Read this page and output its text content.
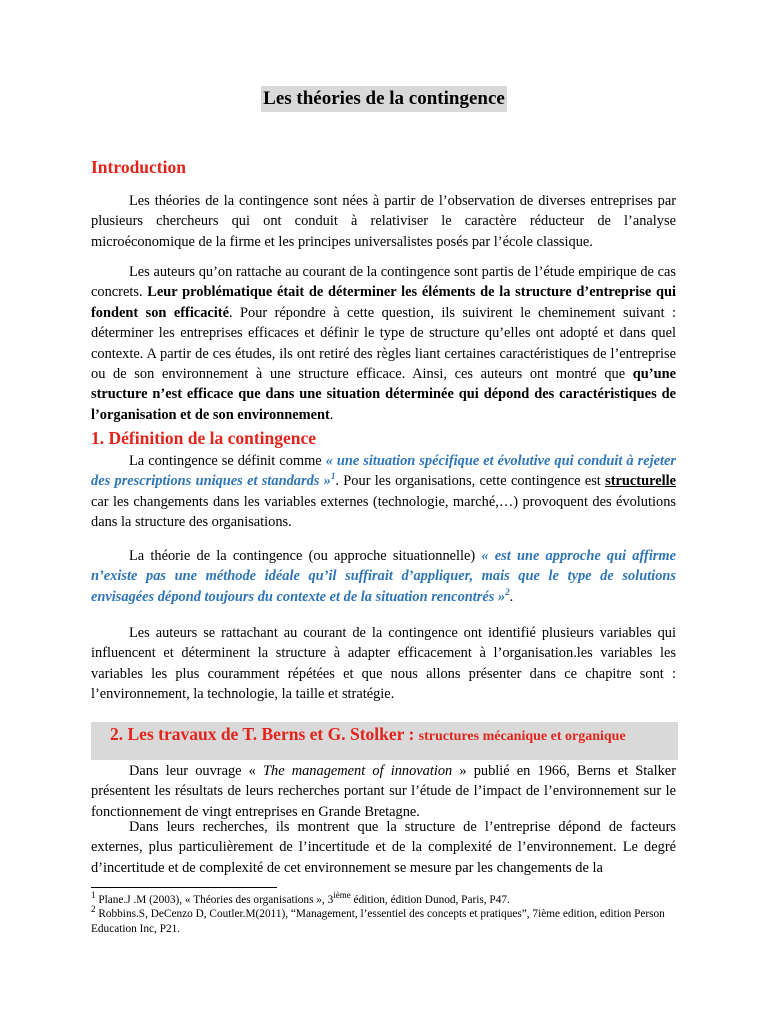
Les théories de la contingence
Introduction

Les théories de la contingence sont nées à partir de l’observation de diverses entreprises par plusieurs chercheurs qui ont conduit à relativiser le caractère réducteur de l’analyse microéconomique de la firme et les principes universalistes posés par l’école classique.

Les auteurs qu’on rattache au courant de la contingence sont partis de l’étude empirique de cas concrets. Leur problématique était de déterminer les éléments de la structure d’entreprise qui fondent son efficacité. Pour répondre à cette question, ils suivirent le cheminement suivant : déterminer les entreprises efficaces et définir le type de structure qu’elles ont adopté et dans quel contexte. A partir de ces études, ils ont retiré des règles liant certaines caractéristiques de l’entreprise ou de son environnement à une structure efficace. Ainsi, ces auteurs ont montré que qu’une structure n’est efficace que dans une situation déterminée qui dépond des caractéristiques de l’organisation et de son environnement.

1. Définition de la contingence

La contingence se définit comme « une situation spécifique et évolutive qui conduit à rejeter des prescriptions uniques et standards »$^1$. Pour les organisations, cette contingence est structurelle car les changements dans les variables externes (technologie, marché,…) provoquent des évolutions dans la structure des organisations.

La théorie de la contingence (ou approche situationnelle) « est une approche qui affirme n’existe pas une méthode idéale qu’il suffirait d’appliquer, mais que le type de solutions envisagées dépond toujours du contexte et de la situation rencontrés »$^2$.

Les auteurs se rattachant au courant de la contingence ont identifié plusieurs variables qui influencent et déterminent la structure à adapter efficacement à l’organisation.les variables les variables les plus couramment répétées et que nous allons présenter dans ce chapitre sont : l’environnement, la technologie, la taille et stratégie.

2. Les travaux de T. Berns et G. Stolker : structures mécanique et organique

Dans leur ouvrage « The management of innovation » publié en 1966, Berns et Stalker présentent les résultats de leurs recherches portant sur l’étude de l’impact de l’environnement sur le fonctionnement de vingt entreprises en Grande Bretagne.

Dans leurs recherches, ils montrent que la structure de l’entreprise dépond de facteurs externes, plus particulièrement de l’incertitude et de la complexité de l’environnement. Le degré d’incertitude et de complexité de cet environnement se mesure par les changements de la

$^1$ Plane.J .M (2003), « Théories des organisations », 3ième édition, édition Dunod, Paris, P47.
$^2$ Robbins.S, DeCenzo D, Coutler.M(2011), “Management, l’essentiel des concepts et pratiques”, 7ième edition, edition Person Education Inc, P21.
